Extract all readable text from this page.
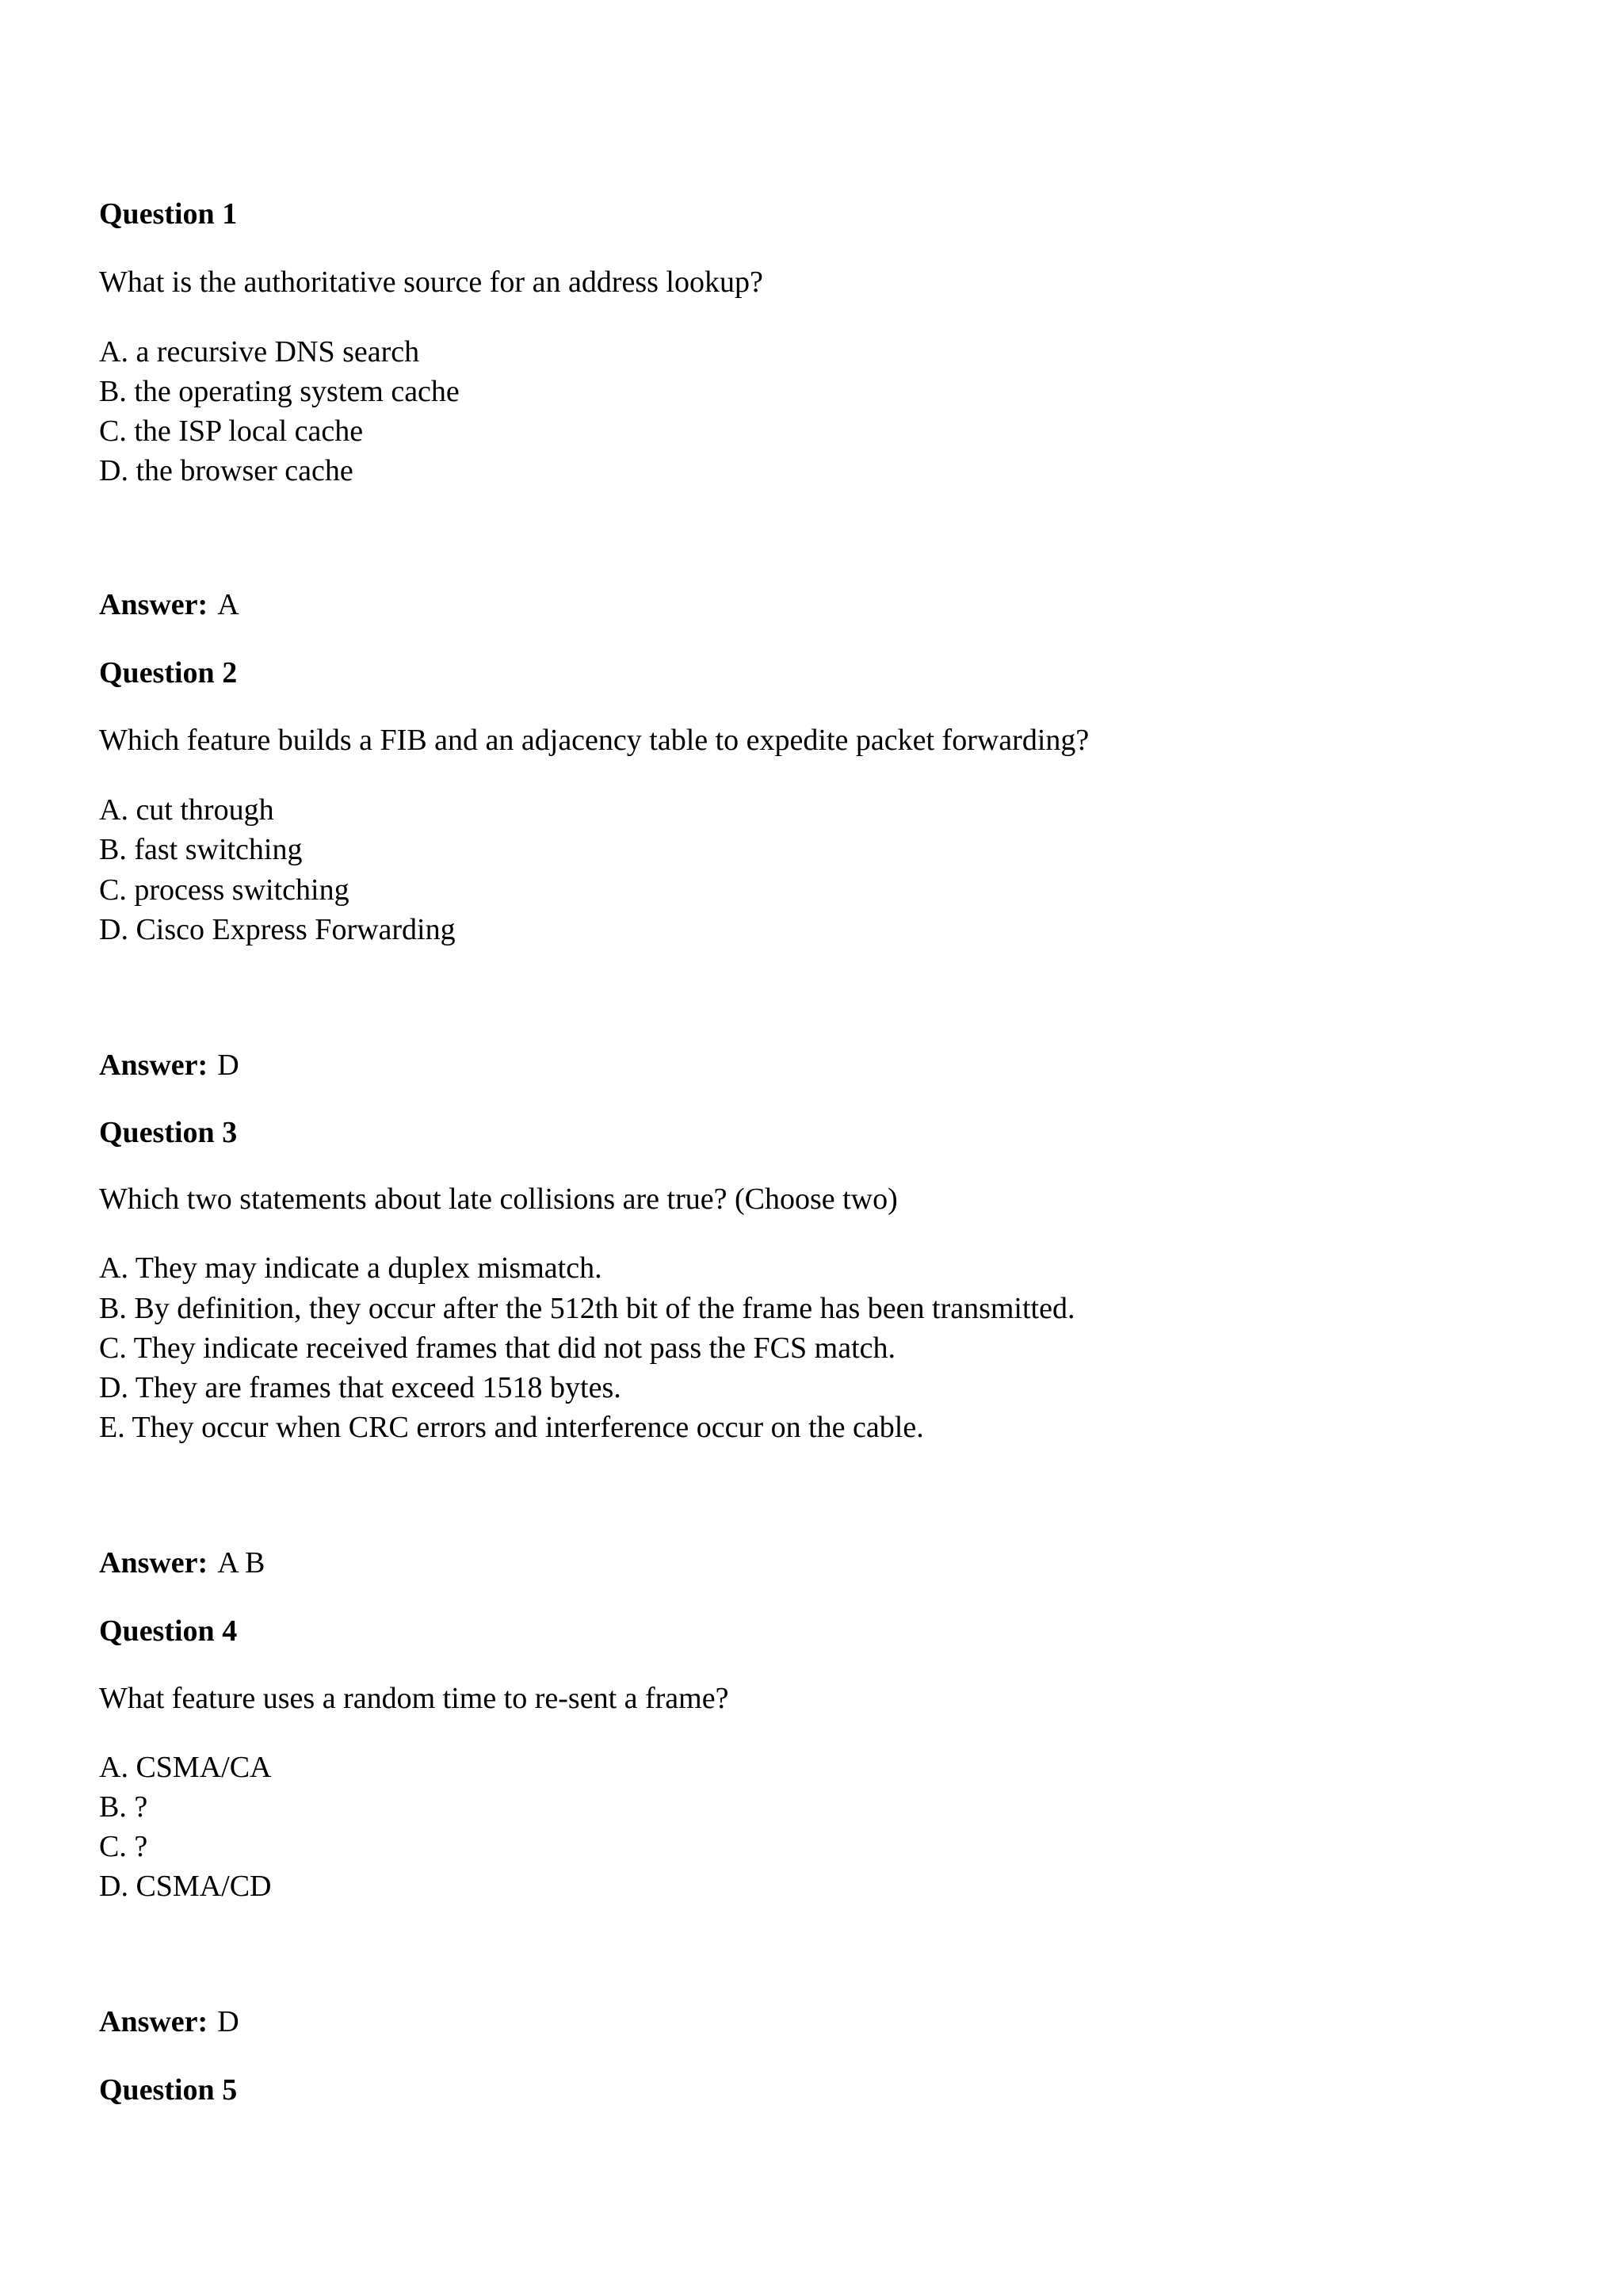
Question 1
What is the authoritative source for an address lookup?
A. a recursive DNS search
B. the operating system cache
C. the ISP local cache
D. the browser cache
Answer: A
Question 2
Which feature builds a FIB and an adjacency table to expedite packet forwarding?
A. cut through
B. fast switching
C. process switching
D. Cisco Express Forwarding
Answer: D
Question 3
Which two statements about late collisions are true? (Choose two)
A. They may indicate a duplex mismatch.
B. By definition, they occur after the 512th bit of the frame has been transmitted.
C. They indicate received frames that did not pass the FCS match.
D. They are frames that exceed 1518 bytes.
E. They occur when CRC errors and interference occur on the cable.
Answer: A B
Question 4
What feature uses a random time to re-sent a frame?
A. CSMA/CA
B. ?
C. ?
D. CSMA/CD
Answer: D
Question 5
